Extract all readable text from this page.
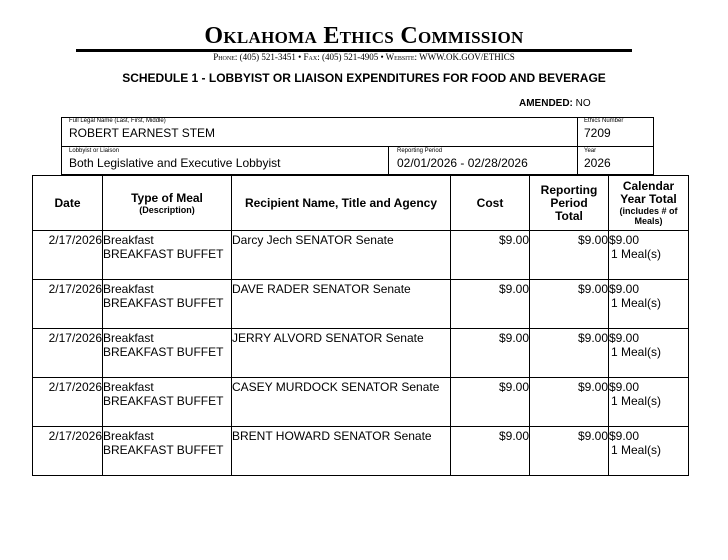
Oklahoma Ethics Commission
Phone: (405) 521-3451 • Fax: (405) 521-4905 • Website: WWW.OK.GOV/ETHICS
SCHEDULE 1 - LOBBYIST OR LIAISON EXPENDITURES FOR FOOD AND BEVERAGE
AMENDED: NO
Full Legal Name (Last, First, Middle)
ROBERT EARNEST STEM
Ethics Number
7209
Lobbyist or Liaison
Both Legislative and Executive Lobbyist
Reporting Period
02/01/2026 - 02/28/2026
Year
2026
Date	Type of Meal
(Description)	Recipient Name, Title and Agency	Cost	Reporting
Period
Total	Calendar
Year Total
(includes # of
Meals)

2/17/2026	Breakfast
BREAKFAST BUFFET	Darcy Jech SENATOR Senate	$9.00	$9.00	$9.00
1 Meal(s)

2/17/2026	Breakfast
BREAKFAST BUFFET	DAVE RADER SENATOR Senate	$9.00	$9.00	$9.00
1 Meal(s)

2/17/2026	Breakfast
BREAKFAST BUFFET	JERRY ALVORD SENATOR Senate	$9.00	$9.00	$9.00
1 Meal(s)

2/17/2026	Breakfast
BREAKFAST BUFFET	CASEY MURDOCK SENATOR Senate	$9.00	$9.00	$9.00
1 Meal(s)

2/17/2026	Breakfast
BREAKFAST BUFFET	BRENT HOWARD SENATOR Senate	$9.00	$9.00	$9.00
1 Meal(s)
